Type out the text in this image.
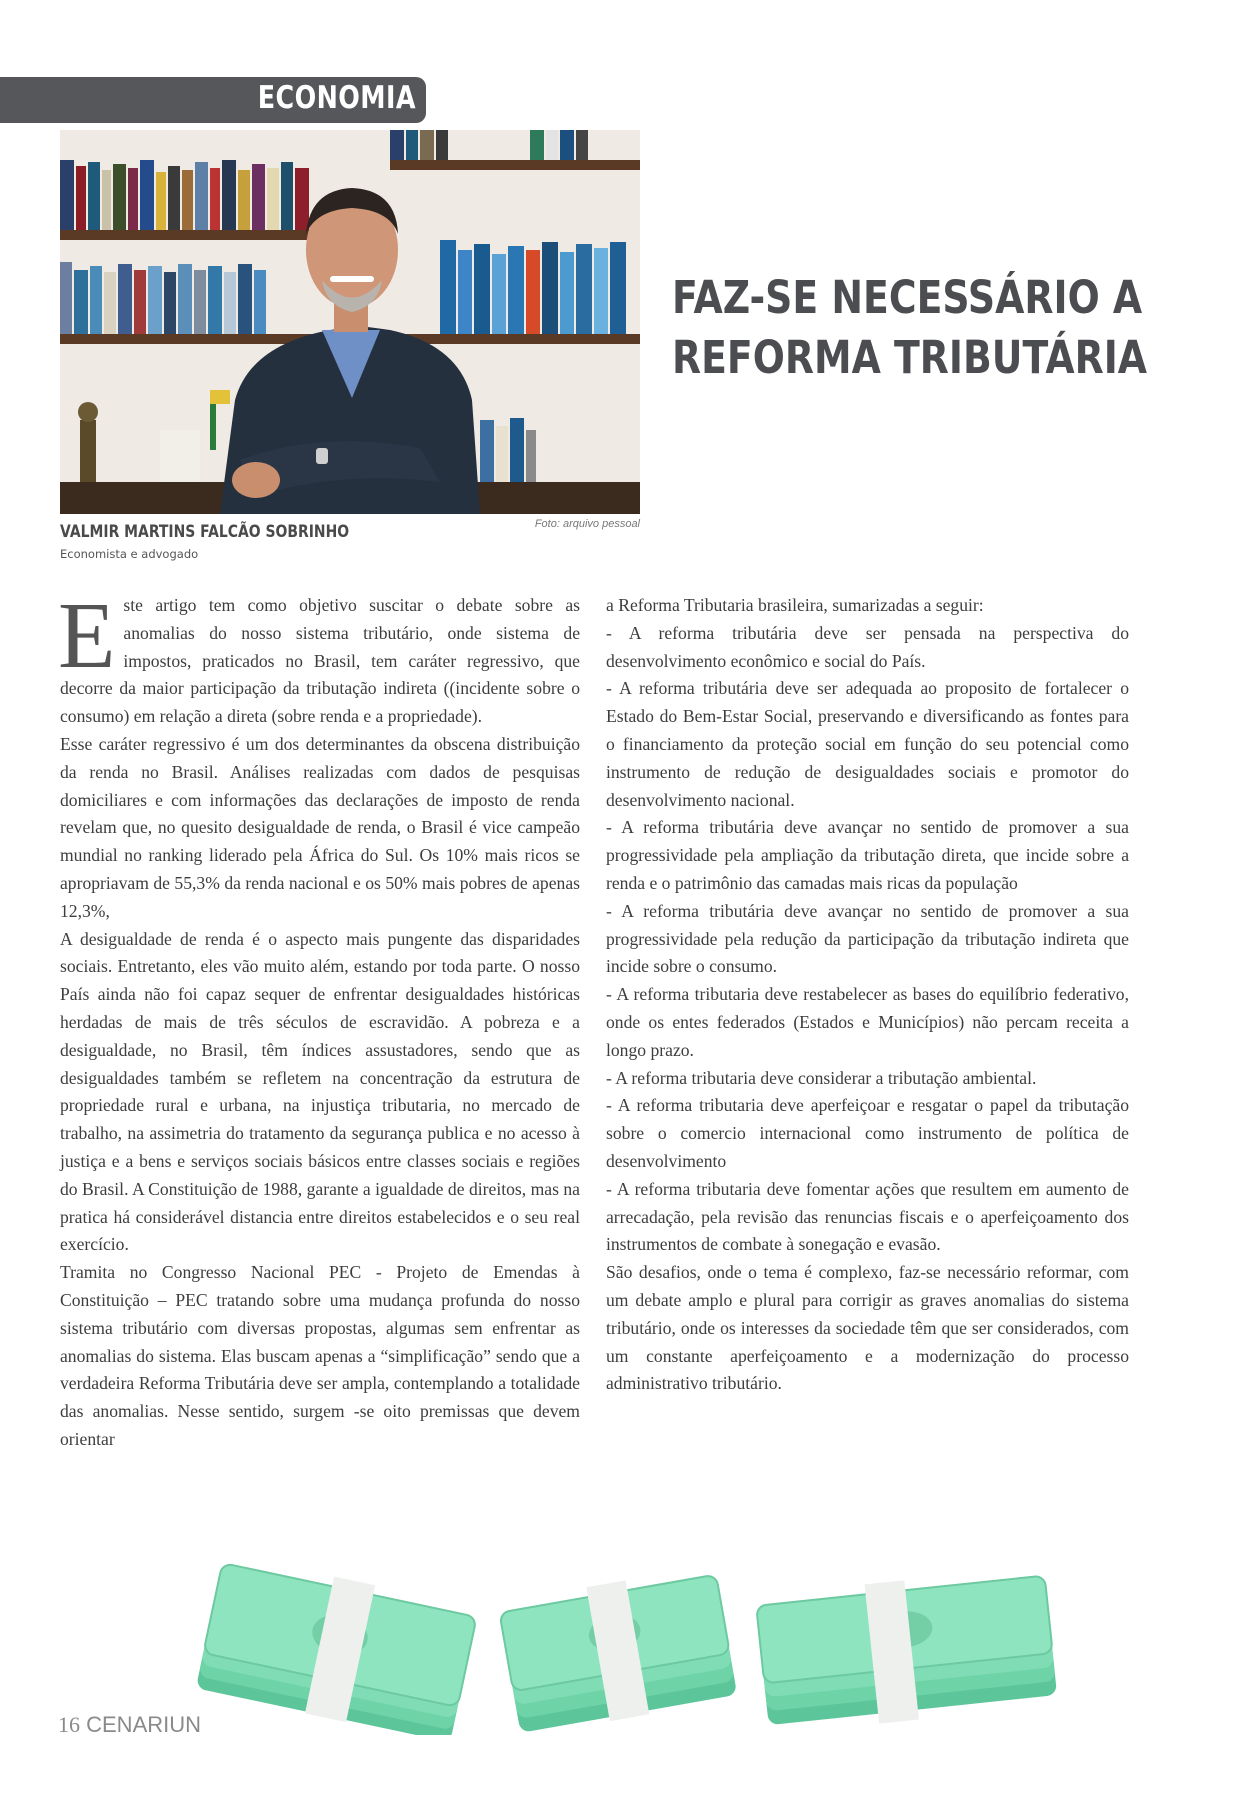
ECONOMIA
Foto: arquivo pessoal
VALMIR MARTINS FALCÃO SOBRINHO
Economista e advogado
FAZ-SE NECESSÁRIO A
REFORMA TRIBUTÁRIA

Este artigo tem como objetivo suscitar o debate sobre as anomalias do nosso sistema tributário, onde sistema de impostos, praticados no Brasil, tem caráter regressivo, que decorre da maior participação da tributação indireta ((incidente sobre o consumo) em relação a direta (sobre renda e a propriedade).

Esse caráter regressivo é um dos determinantes da obscena distribuição da renda no Brasil. Análises realizadas com dados de pesquisas domiciliares e com informações das declarações de imposto de renda revelam que, no quesito desigualdade de renda, o Brasil é vice campeão mundial no ranking liderado pela África do Sul. Os 10% mais ricos se apropriavam de 55,3% da renda nacional e os 50% mais pobres de apenas 12,3%,

A desigualdade de renda é o aspecto mais pungente das disparidades sociais. Entretanto, eles vão muito além, estando por toda parte. O nosso País ainda não foi capaz sequer de enfrentar desigualdades históricas herdadas de mais de três séculos de escravidão. A pobreza e a desigualdade, no Brasil, têm índices assustadores, sendo que as desigualdades também se refletem na concentração da estrutura de propriedade rural e urbana, na injustiça tributaria, no mercado de trabalho, na assimetria do tratamento da segurança publica e no acesso à justiça e a bens e serviços sociais básicos entre classes sociais e regiões do Brasil. A Constituição de 1988, garante a igualdade de direitos, mas na pratica há considerável distancia entre direitos estabelecidos e o seu real exercício.

Tramita no Congresso Nacional PEC - Projeto de Emendas à Constituição – PEC tratando sobre uma mudança profunda do nosso sistema tributário com diversas propostas, algumas sem enfrentar as anomalias do sistema. Elas buscam apenas a “simplificação” sendo que a verdadeira Reforma Tributária deve ser ampla, contemplando a totalidade das anomalias. Nesse sentido, surgem -se oito premissas que devem orientar

a Reforma Tributaria brasileira, sumarizadas a seguir:

- A reforma tributária deve ser pensada na perspectiva do desenvolvimento econômico e social do País.

- A reforma tributária deve ser adequada ao proposito de fortalecer o Estado do Bem-Estar Social, preservando e diversificando as fontes para o financiamento da proteção social em função do seu potencial como instrumento de redução de desigualdades sociais e promotor do desenvolvimento nacional.

- A reforma tributária deve avançar no sentido de promover a sua progressividade pela ampliação da tributação direta, que incide sobre a renda e o patrimônio das camadas mais ricas da população

- A reforma tributária deve avançar no sentido de promover a sua progressividade pela redução da participação da tributação indireta que incide sobre o consumo.

- A reforma tributaria deve restabelecer as bases do equilíbrio federativo, onde os entes federados (Estados e Municípios) não percam receita a longo prazo.

- A reforma tributaria deve considerar a tributação ambiental.

- A reforma tributaria deve aperfeiçoar e resgatar o papel da tributação sobre o comercio internacional como instrumento de política de desenvolvimento

- A reforma tributaria deve fomentar ações que resultem em aumento de arrecadação, pela revisão das renuncias fiscais e o aperfeiçoamento dos instrumentos de combate à sonegação e evasão.

São desafios, onde o tema é complexo, faz-se necessário reformar, com um debate amplo e plural para corrigir as graves anomalias do sistema tributário, onde os interesses da sociedade têm que ser considerados, com um constante aperfeiçoamento e a modernização do processo administrativo tributário.

16 CENARIUN
